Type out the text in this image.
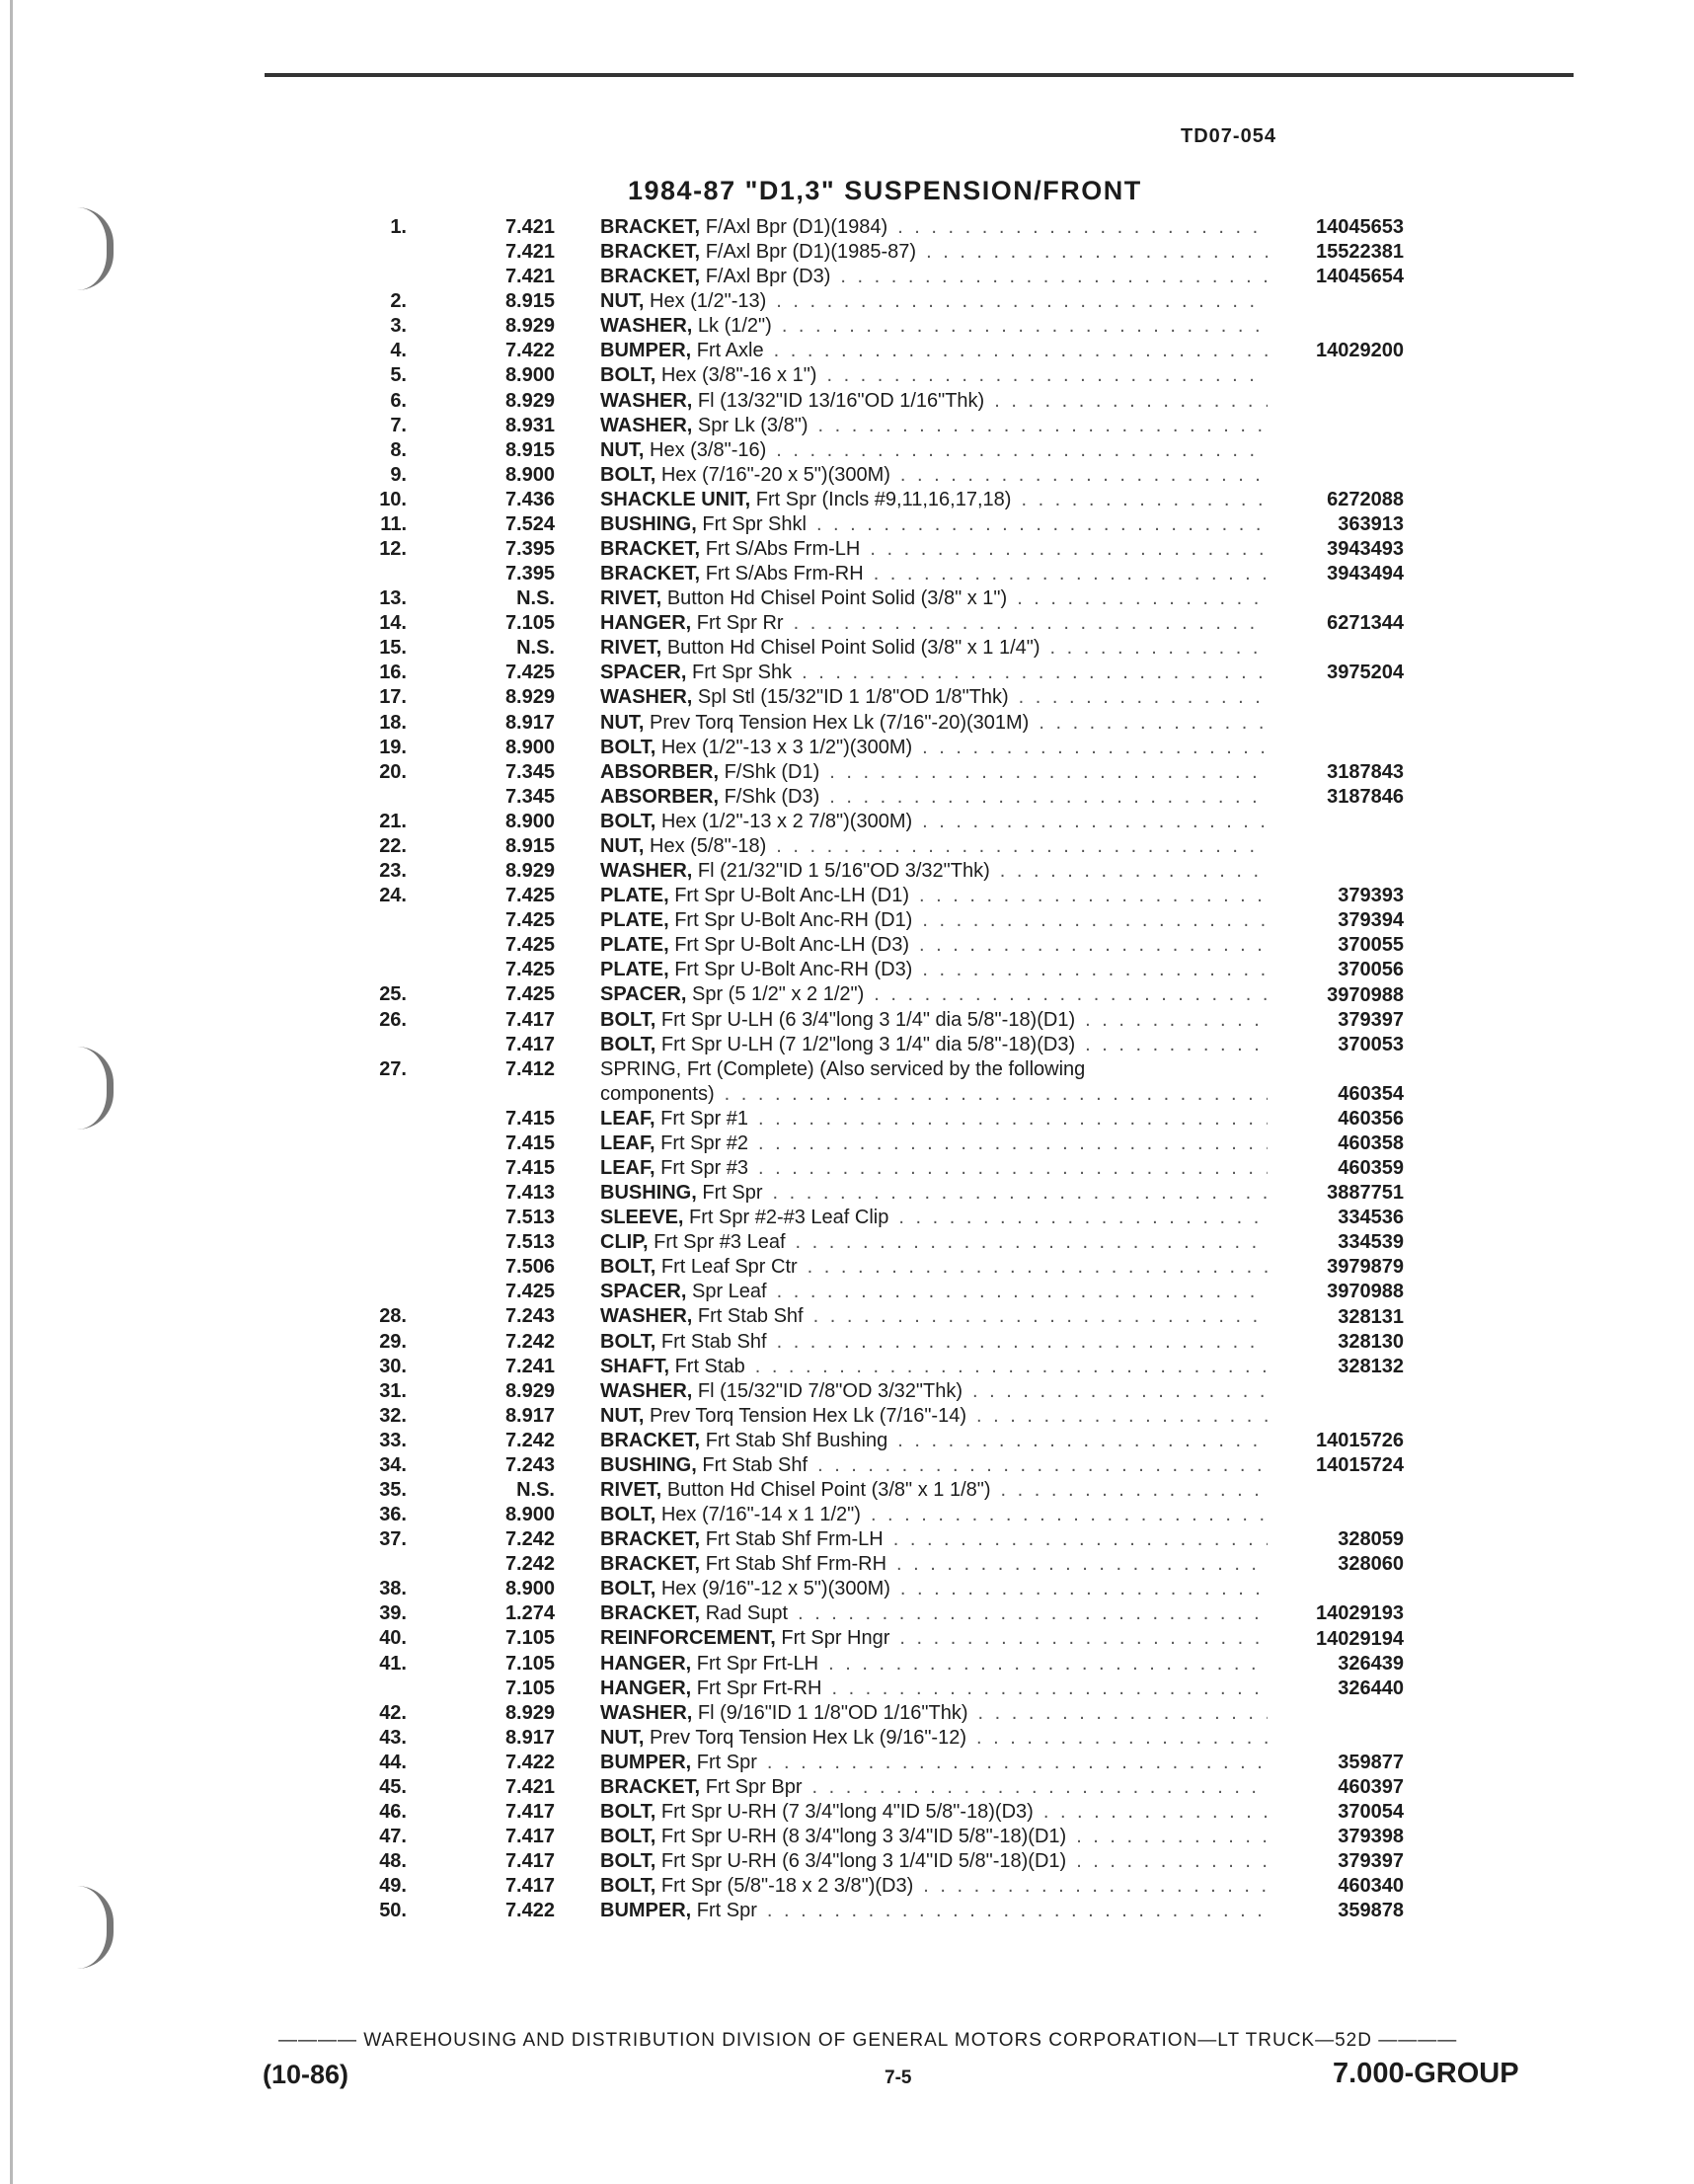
TD07-054
1984-87 "D1,3" SUSPENSION/FRONT
1.	7.421 BRACKET, F/Axl Bpr (D1)(1984) . . .	14045653
7.421 BRACKET, F/Axl Bpr (D1)(1985-87) . . .	15522381
7.421 BRACKET, F/Axl Bpr (D3) . . .	14045654
2.	8.915 NUT, Hex (1/2"-13)
. . .
3.	8.929 WASHER, Lk (1/2")
. . .
4.	7.422 BUMPER, Frt Axle . . .	14029200
5.	8.900 BOLT, Hex (3/8"-16 x 1")
. . .
6.	8.929 WASHER, Fl (13/32"ID 13/16"OD 1/16"Thk)
. . .
7.	8.931 WASHER, Spr Lk (3/8")
. . .
8.	8.915 NUT, Hex (3/8"-16)
. . .
9.	8.900 BOLT, Hex (7/16"-20 x 5")(300M)
. . .
10.	7.436 SHACKLE UNIT, Frt Spr (Incls #9,11,16,17,18) . . .	6272088
11.	7.524 BUSHING, Frt Spr Shkl . . .	363913
12.	7.395 BRACKET, Frt S/Abs Frm-LH . . .	3943493
7.395 BRACKET, Frt S/Abs Frm-RH . . .	3943494
13.	N.S. RIVET, Button Hd Chisel Point Solid (3/8" x 1")
. . .
14.	7.105 HANGER, Frt Spr Rr . . .	6271344
15.	N.S. RIVET, Button Hd Chisel Point Solid (3/8" x 1 1/4")
. . .
16.	7.425 SPACER, Frt Spr Shk . . .	3975204
17.	8.929 WASHER, Spl Stl (15/32"ID 1 1/8"OD 1/8"Thk)
. . .
18.	8.917 NUT, Prev Torq Tension Hex Lk (7/16"-20)(301M)
. . .
19.	8.900 BOLT, Hex (1/2"-13 x 3 1/2")(300M)
. . .
20.	7.345 ABSORBER, F/Shk (D1) . . .	3187843
7.345 ABSORBER, F/Shk (D3) . . .	3187846
21.	8.900 BOLT, Hex (1/2"-13 x 2 7/8")(300M)
. . .
22.	8.915 NUT, Hex (5/8"-18)
. . .
23.	8.929 WASHER, Fl (21/32"ID 1 5/16"OD 3/32"Thk)
. . .
24.	7.425 PLATE, Frt Spr U-Bolt Anc-LH (D1) . . .	379393
7.425 PLATE, Frt Spr U-Bolt Anc-RH (D1) . . .	379394
7.425 PLATE, Frt Spr U-Bolt Anc-LH (D3) . . .	370055
7.425 PLATE, Frt Spr U-Bolt Anc-RH (D3) . . .	370056
25.	7.425 SPACER, Spr (5 1/2" x 2 1/2") . . .	3970988
26.	7.417 BOLT, Frt Spr U-LH (6 3/4"long 3 1/4" dia 5/8"-18)(D1) . . .	379397
7.417 BOLT, Frt Spr U-LH (7 1/2"long 3 1/4" dia 5/8"-18)(D3) . . .	370053
27.	7.412 SPRING, Frt (Complete) (Also serviced by the following
components) . . .	460354
7.415 LEAF, Frt Spr #1 . . .	460356
7.415 LEAF, Frt Spr #2 . . .	460358
7.415 LEAF, Frt Spr #3 . . .	460359
7.413 BUSHING, Frt Spr . . .	3887751
7.513 SLEEVE, Frt Spr #2-#3 Leaf Clip . . .	334536
7.513 CLIP, Frt Spr #3 Leaf . . .	334539
7.506 BOLT, Frt Leaf Spr Ctr . . .	3979879
7.425 SPACER, Spr Leaf . . .	3970988
28.	7.243 WASHER, Frt Stab Shf . . .	328131
29.	7.242 BOLT, Frt Stab Shf . . .	328130
30.	7.241 SHAFT, Frt Stab . . .	328132
31.	8.929 WASHER, Fl (15/32"ID 7/8"OD 3/32"Thk)
. . .
32.	8.917 NUT, Prev Torq Tension Hex Lk (7/16"-14)
. . .
33.	7.242 BRACKET, Frt Stab Shf Bushing . . .	14015726
34.	7.243 BUSHING, Frt Stab Shf . . .	14015724
35.	N.S. RIVET, Button Hd Chisel Point (3/8" x 1 1/8")
. . .
36.	8.900 BOLT, Hex (7/16"-14 x 1 1/2")
. . .
37.	7.242 BRACKET, Frt Stab Shf Frm-LH . . .	328059
7.242 BRACKET, Frt Stab Shf Frm-RH . . .	328060
38.	8.900 BOLT, Hex (9/16"-12 x 5")(300M)
. . .
39.	1.274 BRACKET, Rad Supt . . .	14029193
40.	7.105 REINFORCEMENT, Frt Spr Hngr . . .	14029194
41.	7.105 HANGER, Frt Spr Frt-LH . . .	326439
7.105 HANGER, Frt Spr Frt-RH . . .	326440
42.	8.929 WASHER, Fl (9/16"ID 1 1/8"OD 1/16"Thk)
. . .
43.	8.917 NUT, Prev Torq Tension Hex Lk (9/16"-12)
. . .
44.	7.422 BUMPER, Frt Spr . . .	359877
45.	7.421 BRACKET, Frt Spr Bpr . . .	460397
46.	7.417 BOLT, Frt Spr U-RH (7 3/4"long 4"ID 5/8"-18)(D3) . . .	370054
47.	7.417 BOLT, Frt Spr U-RH (8 3/4"long 3 3/4"ID 5/8"-18)(D1) . . .	379398
48.	7.417 BOLT, Frt Spr U-RH (6 3/4"long 3 1/4"ID 5/8"-18)(D1) . . .	379397
49.	7.417 BOLT, Frt Spr (5/8"-18 x 2 3/8")(D3) . . .	460340
50.	7.422 BUMPER, Frt Spr . . .	359878
———— WAREHOUSING AND DISTRIBUTION DIVISION OF GENERAL MOTORS CORPORATION—LT TRUCK—52D ————
(10-86)	7-5	7.000-GROUP
